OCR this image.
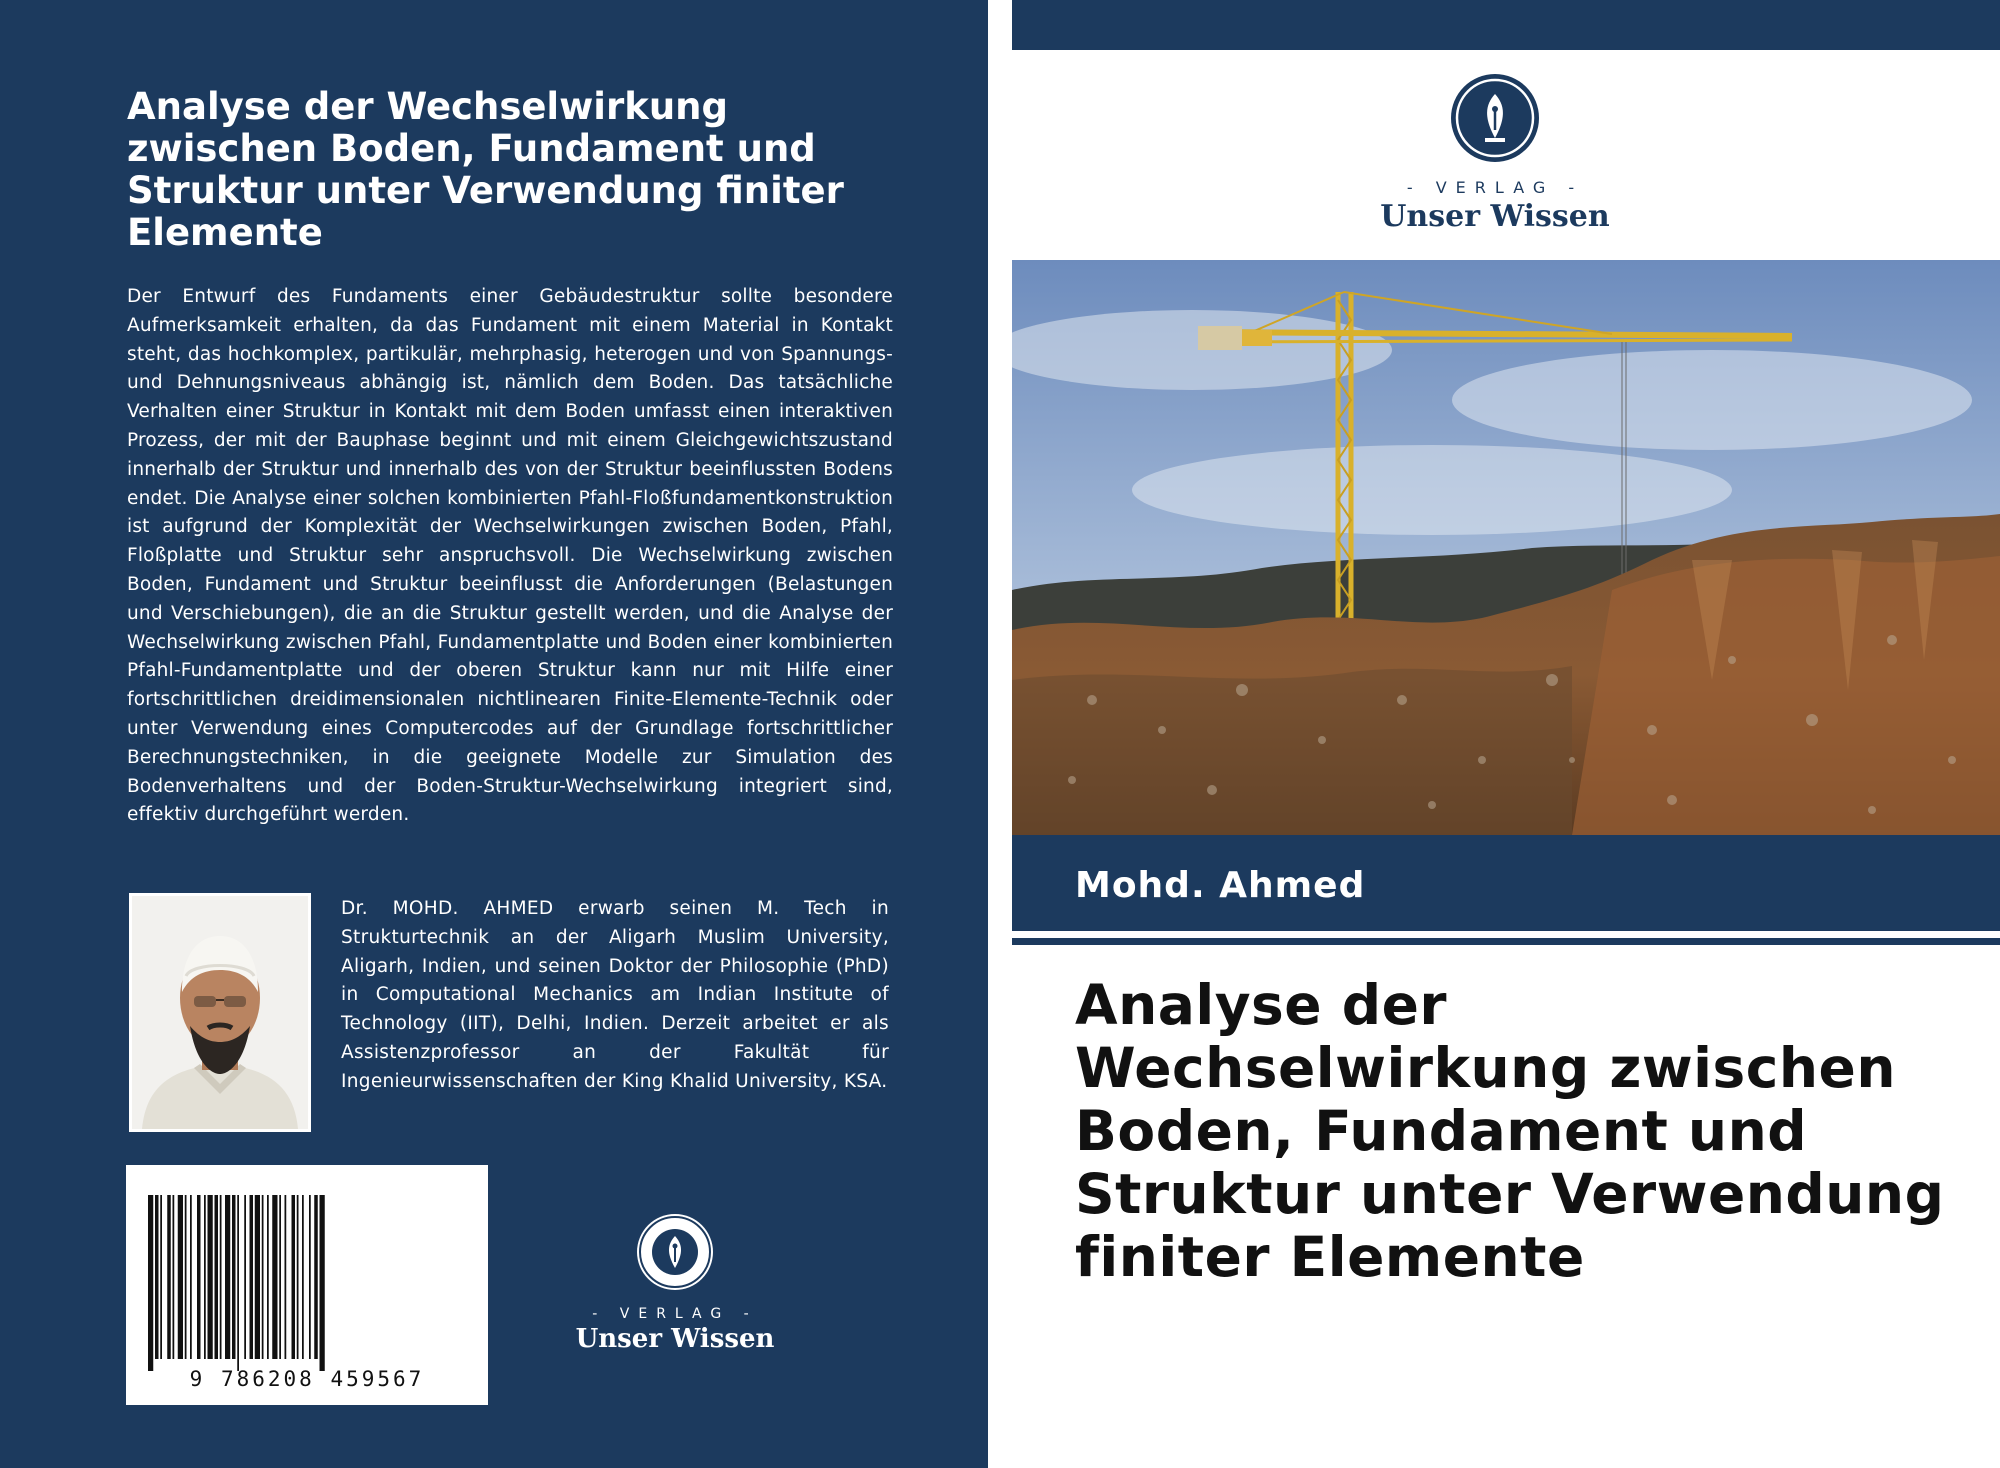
Analyse der Wechselwirkung zwischen Boden, Fundament und Struktur unter Verwendung finiter Elemente

Der Entwurf des Fundaments einer Gebäudestruktur sollte besondere Aufmerksamkeit erhalten, da das Fundament mit einem Material in Kontakt steht, das hochkomplex, partikulär, mehrphasig, heterogen und von Spannungs- und Dehnungsniveaus abhängig ist, nämlich dem Boden. Das tatsächliche Verhalten einer Struktur in Kontakt mit dem Boden umfasst einen interaktiven Prozess, der mit der Bauphase beginnt und mit einem Gleichgewichtszustand innerhalb der Struktur und innerhalb des von der Struktur beeinflussten Bodens endet. Die Analyse einer solchen kombinierten Pfahl-Floßfundamentkonstruktion ist aufgrund der Komplexität der Wechselwirkungen zwischen Boden, Pfahl, Floßplatte und Struktur sehr anspruchsvoll. Die Wechselwirkung zwischen Boden, Fundament und Struktur beeinflusst die Anforderungen (Belastungen und Verschiebungen), die an die Struktur gestellt werden, und die Analyse der Wechselwirkung zwischen Pfahl, Fundamentplatte und Boden einer kombinierten Pfahl-Fundamentplatte und der oberen Struktur kann nur mit Hilfe einer fortschrittlichen dreidimensionalen nichtlinearen Finite-Elemente-Technik oder unter Verwendung eines Computercodes auf der Grundlage fortschrittlicher Berechnungstechniken, in die geeignete Modelle zur Simulation des Bodenverhaltens und der Boden-Struktur-Wechselwirkung integriert sind, effektiv durchgeführt werden.

Dr. MOHD. AHMED erwarb seinen M. Tech in Strukturtechnik an der Aligarh Muslim University, Aligarh, Indien, und seinen Doktor der Philosophie (PhD) in Computational Mechanics am Indian Institute of Technology (IIT), Delhi, Indien. Derzeit arbeitet er als Assistenzprofessor an der Fakultät für Ingenieurwissenschaften der King Khalid University, KSA.

9 786208 459567
- VERLAG -
Unser Wissen
- VERLAG -
Unser Wissen
Mohd. Ahmed
Analyse der Wechselwirkung zwischen Boden, Fundament und Struktur unter Verwendung finiter Elemente
